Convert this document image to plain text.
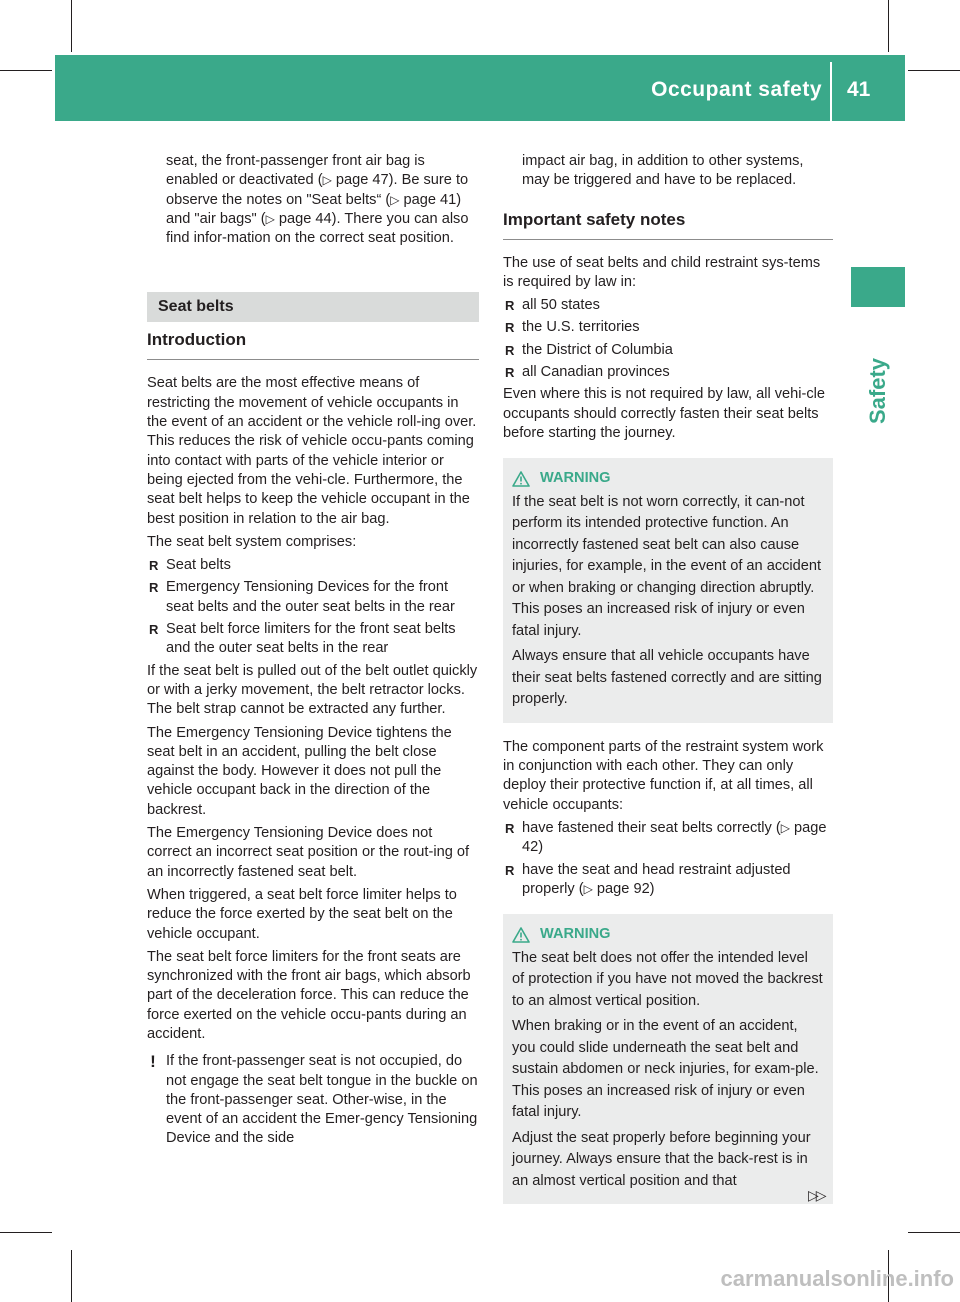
Occupant safety 41
Safety

seat, the front-passenger front air bag is enabled or deactivated (▷ page 47). Be sure to observe the notes on "Seat belts“ (▷ page 41) and "air bags" (▷ page 44). There you can also find infor-mation on the correct seat position.

Seat belts
Introduction

Seat belts are the most effective means of restricting the movement of vehicle occupants in the event of an accident or the vehicle roll-ing over. This reduces the risk of vehicle occu-pants coming into contact with parts of the vehicle interior or being ejected from the vehi-cle. Furthermore, the seat belt helps to keep the vehicle occupant in the best position in relation to the air bag.

The seat belt system comprises:

R Seat belts
R Emergency Tensioning Devices for the front seat belts and the outer seat belts in the rear
R Seat belt force limiters for the front seat belts and the outer seat belts in the rear

If the seat belt is pulled out of the belt outlet quickly or with a jerky movement, the belt retractor locks. The belt strap cannot be extracted any further.

The Emergency Tensioning Device tightens the seat belt in an accident, pulling the belt close against the body. However it does not pull the vehicle occupant back in the direction of the backrest.

The Emergency Tensioning Device does not correct an incorrect seat position or the rout-ing of an incorrectly fastened seat belt.

When triggered, a seat belt force limiter helps to reduce the force exerted by the seat belt on the vehicle occupant.

The seat belt force limiters for the front seats are synchronized with the front air bags, which absorb part of the deceleration force. This can reduce the force exerted on the vehicle occu-pants during an accident.

! If the front-passenger seat is not occupied, do not engage the seat belt tongue in the buckle on the front-passenger seat. Other-wise, in the event of an accident the Emer-gency Tensioning Device and the side

impact air bag, in addition to other systems, may be triggered and have to be replaced.

Important safety notes

The use of seat belts and child restraint sys-tems is required by law in:

R all 50 states
R the U.S. territories
R the District of Columbia
R all Canadian provinces

Even where this is not required by law, all vehi-cle occupants should correctly fasten their seat belts before starting the journey.

WARNING

If the seat belt is not worn correctly, it can-not perform its intended protective function. An incorrectly fastened seat belt can also cause injuries, for example, in the event of an accident or when braking or changing direction abruptly. This poses an increased risk of injury or even fatal injury.

Always ensure that all vehicle occupants have their seat belts fastened correctly and are sitting properly.

The component parts of the restraint system work in conjunction with each other. They can only deploy their protective function if, at all times, all vehicle occupants:

R have fastened their seat belts correctly (▷ page 42)
R have the seat and head restraint adjusted properly (▷ page 92)
WARNING

The seat belt does not offer the intended level of protection if you have not moved the backrest to an almost vertical position.

When braking or in the event of an accident, you could slide underneath the seat belt and sustain abdomen or neck injuries, for exam-ple. This poses an increased risk of injury or even fatal injury.

Adjust the seat properly before beginning your journey. Always ensure that the back-rest is in an almost vertical position and that

▷▷
carmanualsonline.info
